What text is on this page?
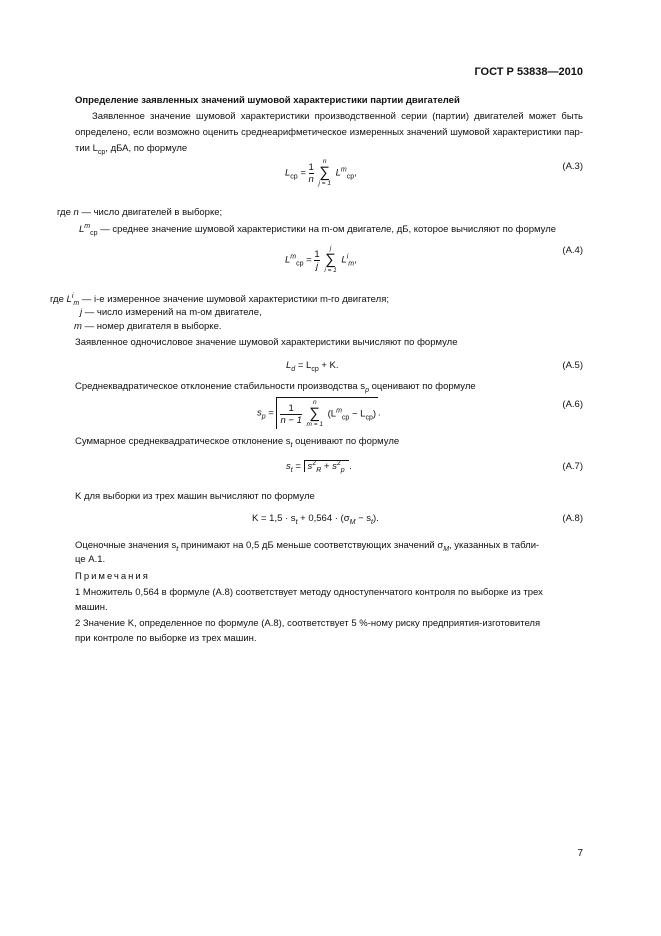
ГОСТ Р 53838—2010
Определение заявленных значений шумовой характеристики партии двигателей
Заявленное значение шумовой характеристики производственной серии (партии) двигателей может быть определено, если возможно оценить среднеарифметическое измеренных значений шумовой характеристики пар-
тии $L_{ср}$, дБА, по формуле
$L_{ср} = \frac{1}{n}$
	n
∑
j = 1
$L^m_{ср}$,
(А.3)
где n — число двигателей в выборке;
$L^m_{ср}$ — среднее значение шумовой характеристики на m-ом двигателе, дБ, которое вычисляют по формуле
$L^m_{ср} = \frac{1}{j}$
	j
∑
i = 1
$L^i_m$,
(А.4)
где $L^i_m$ — i-е измеренное значение шумовой характеристики m-го двигателя;
j — число измерений на m-ом двигателе,
m — номер двигателя в выборке.
Заявленное одночисловое значение шумовой характеристики вычисляют по формуле
$L_d = L_{ср} + K$.	(А.5)
Среднеквадратическое отклонение стабильности производства $s_p$ оценивают по формуле
$s_p = \frac{1}{n - 1}$
	n
∑
m = 1
$(L^m_{ср} - L_{ср})$ .
(А.6)
Суммарное среднеквадратическое отклонение $s_t$ оценивают по формуле
$s_t = s^2_R + s^2_p$ .	(А.7)
K для выборки из трех машин вычисляют по формуле
$K = 1,5 \cdot s_t + 0,564 \cdot (\sigma_M - s_t)$.	(А.8)
Оценочные значения $s_t$ принимают на 0,5 дБ меньше соответствующих значений $\sigma_M$, указанных в табли-
це А.1.
Примечания
1 Множитель 0,564 в формуле (А.8) соответствует методу одноступенчатого контроля по выборке из трех
машин.
2 Значение K, определенное по формуле (А.8), соответствует 5 %-ному риску предприятия-изготовителя
при контроле по выборке из трех машин.
7
